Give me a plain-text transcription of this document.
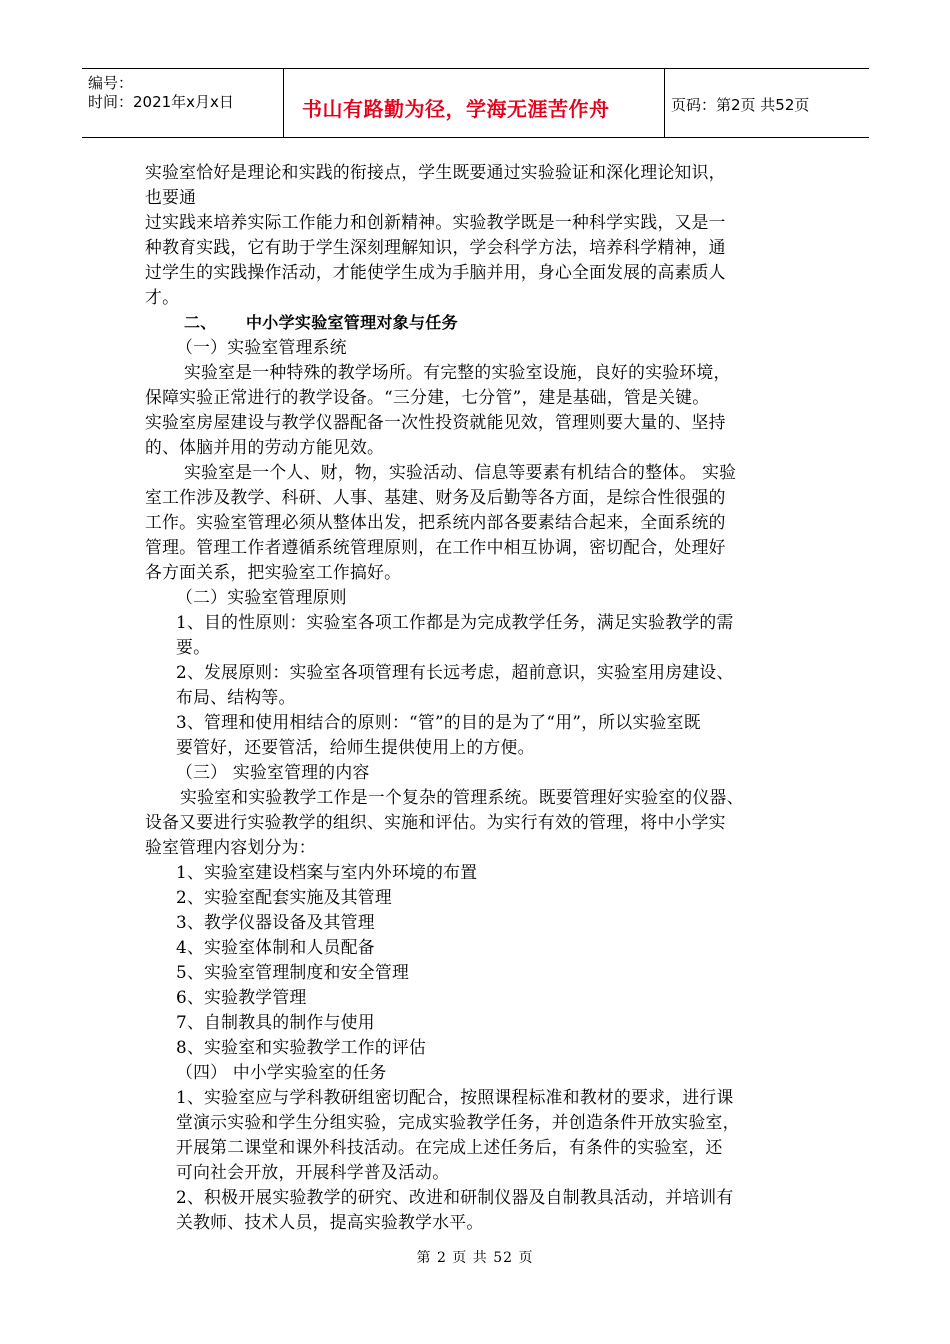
编号：
时间：2021年x月x日	书山有路勤为径，学海无涯苦作舟	页码：第2页 共52页
实验室恰好是理论和实践的衔接点，学生既要通过实验验证和深化理论知识，
也要通
过实践来培养实际工作能力和创新精神。实验教学既是一种科学实践，又是一
种教育实践，它有助于学生深刻理解知识，学会科学方法，培养科学精神，通
过学生的实践操作活动，才能使学生成为手脑并用，身心全面发展的高素质人
才。
二、 中小学实验室管理对象与任务
（一）实验室管理系统
实验室是一种特殊的教学场所。有完整的实验室设施，良好的实验环境，
保障实验正常进行的教学设备。“三分建，七分管”，建是基础，管是关键。
实验室房屋建设与教学仪器配备一次性投资就能见效，管理则要大量的、坚持
的、体脑并用的劳动方能见效。
实验室是一个人、财，物，实验活动、信息等要素有机结合的整体。 实验
室工作涉及教学、科研、人事、基建、财务及后勤等各方面，是综合性很强的
工作。实验室管理必须从整体出发，把系统内部各要素结合起来，全面系统的
管理。管理工作者遵循系统管理原则，在工作中相互协调，密切配合，处理好
各方面关系，把实验室工作搞好。
（二）实验室管理原则
1、目的性原则：实验室各项工作都是为完成教学任务，满足实验教学的需
要。
2、发展原则：实验室各项管理有长远考虑，超前意识，实验室用房建设、
布局、结构等。
3、管理和使用相结合的原则：“管”的目的是为了“用”，所以实验室既
要管好，还要管活，给师生提供使用上的方便。
（三） 实验室管理的内容
实验室和实验教学工作是一个复杂的管理系统。既要管理好实验室的仪器、
设备又要进行实验教学的组织、实施和评估。为实行有效的管理，将中小学实
验室管理内容划分为：
1、实验室建设档案与室内外环境的布置
2、实验室配套实施及其管理
3、教学仪器设备及其管理
4、实验室体制和人员配备
5、实验室管理制度和安全管理
6、实验教学管理
7、自制教具的制作与使用
8、实验室和实验教学工作的评估
（四） 中小学实验室的任务
1、实验室应与学科教研组密切配合，按照课程标准和教材的要求，进行课
堂演示实验和学生分组实验，完成实验教学任务，并创造条件开放实验室，
开展第二课堂和课外科技活动。在完成上述任务后，有条件的实验室，还
可向社会开放，开展科学普及活动。
2、积极开展实验教学的研究、改进和研制仪器及自制教具活动，并培训有
关教师、技术人员，提高实验教学水平。
第 2 页 共 52 页
